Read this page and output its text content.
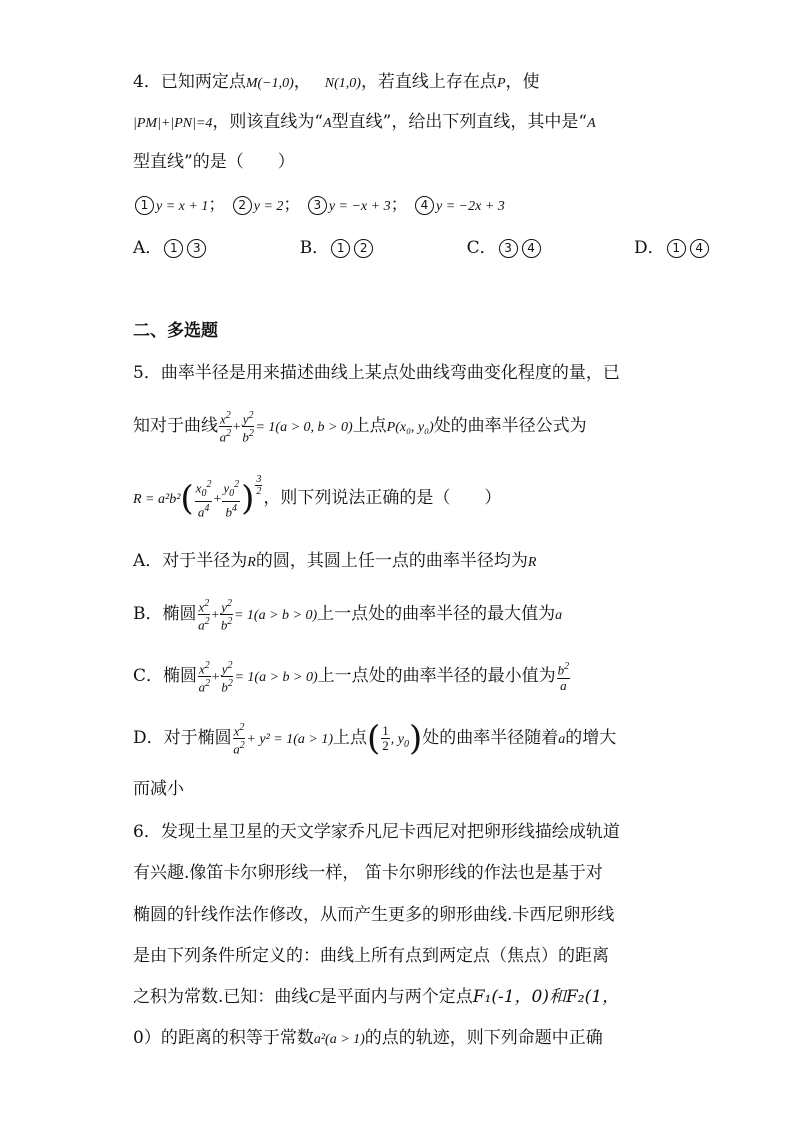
4．已知两定点M(−1,0)， N(1,0)，若直线上存在点P，使
|PM|+|PN|=4，则该直线为“A型直线”，给出下列直线，其中是“A
型直线”的是（　　）
1 y = x + 1； 2 y = 2； 3 y = −x + 3； 4 y = −2x + 3
A． 1 3	B． 1 2	C． 3 4	D． 1 4
二、多选题
5．曲率半径是用来描述曲线上某点处曲线弯曲变化程度的量，已
知对于曲线 $\frac{x^2}{a^2} + \frac{y^2}{b^2} = 1(a > 0$, b > 0)上点P(x₀, y₀)处的曲率半径公式为
$R = a^2b^2( \frac{x_0^2}{a^4} + \frac{y_0^2}{b^4}$ ) $\frac{3}{2}$
，则下列说法正确的是（　　）
A．对于半径为R的圆，其圆上任一点的曲率半径均为R
B．椭圆 $\frac{x^2}{a^2} + \frac{y^2}{b^2} = 1(a > b > 0)$上一点处的曲率半径的最大值为a
C．椭圆 $\frac{x^2}{a^2} + \frac{y^2}{b^2} = 1(a > b > 0)$上一点处的曲率半径的最小值为 $\frac{b^2}{a}$
D．对于椭圆 $\frac{x^2}{a^2} + y^2 = 1(a > 1)$上点( $\frac{1}{2}$ , $y_0$)处的曲率半径随着a的增大
而减小
6．发现土星卫星的天文学家乔凡尼卡西尼对把卵形线描绘成轨道
有兴趣.像笛卡尔卵形线一样， 笛卡尔卵形线的作法也是基于对
椭圆的针线作法作修改，从而产生更多的卵形曲线.卡西尼卵形线
是由下列条件所定义的：曲线上所有点到两定点（焦点）的距离
之积为常数.已知：曲线C是平面内与两个定点F₁(-1，0)和F₂(1，
0）的距离的积等于常数a²(a > 1)的点的轨迹，则下列命题中正确
